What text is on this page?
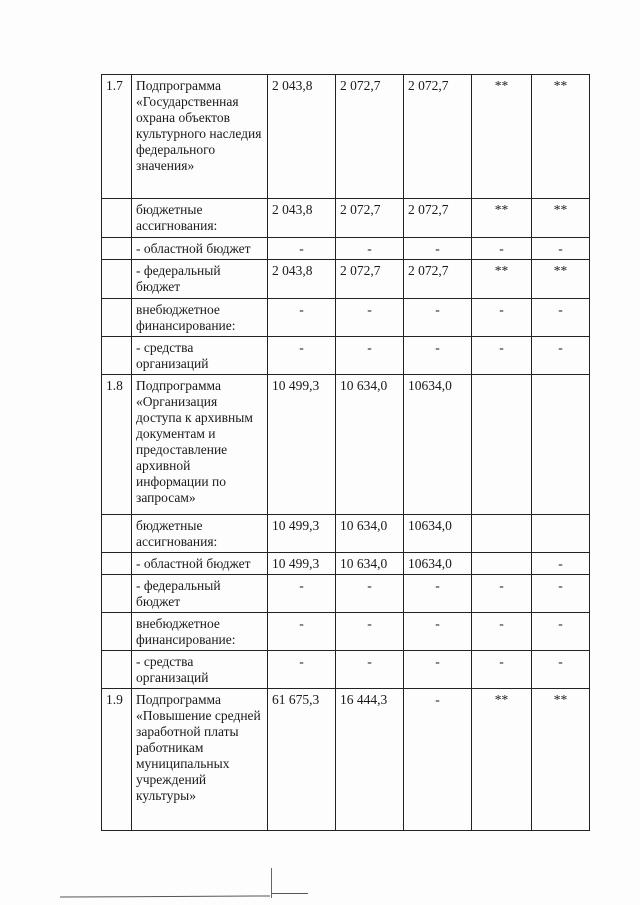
1.7	Подпрограмма «Государственная охрана объектов культурного наследия федерального значения»	2 043,8	2 072,7	2 072,7	**	**
	бюджетные ассигнования:	2 043,8	2 072,7	2 072,7	**	**
	- областной бюджет	-	-	-	-	-
	- федеральный бюджет	2 043,8	2 072,7	2 072,7	**	**
	внебюджетное финансирование:	-	-	-	-	-
	- средства организаций	-	-	-	-	-
1.8	Подпрограмма «Организация доступа к архивным документам и предоставление архивной информации по запросам»	10 499,3	10 634,0	10634,0		
	бюджетные ассигнования:	10 499,3	10 634,0	10634,0		
	- областной бюджет	10 499,3	10 634,0	10634,0		-
	- федеральный бюджет	-	-	-	-	-
	внебюджетное финансирование:	-	-	-	-	-
	- средства организаций	-	-	-	-	-
1.9	Подпрограмма «Повышение средней заработной платы работникам муниципальных учреждений культуры»	61 675,3	16 444,3	-	**	**
